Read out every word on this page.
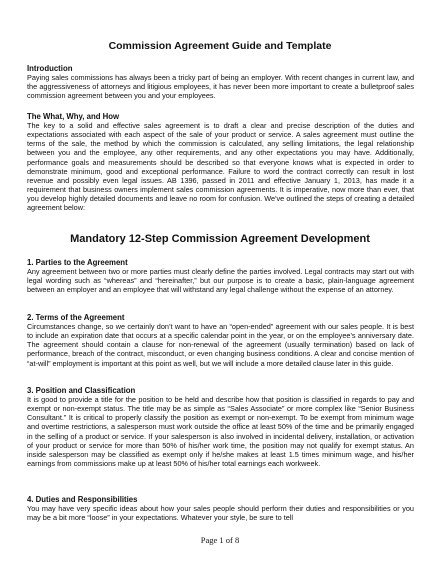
Commission Agreement Guide and Template
Introduction
Paying sales commissions has always been a tricky part of being an employer. With recent changes in current law, and the aggressiveness of attorneys and litigious employees, it has never been more important to create a bulletproof sales commission agreement between you and your employees.
The What, Why, and How
The key to a solid and effective sales agreement is to draft a clear and precise description of the duties and expectations associated with each aspect of the sale of your product or service. A sales agreement must outline the terms of the sale, the method by which the commission is calculated, any selling limitations, the legal relationship between you and the employee, any other requirements, and any other expectations you may have. Additionally, performance goals and measurements should be described so that everyone knows what is expected in order to demonstrate minimum, good and exceptional performance. Failure to word the contract correctly can result in lost revenue and possibly even legal issues. AB 1396, passed in 2011 and effective January 1, 2013, has made it a requirement that business owners implement sales commission agreements. It is imperative, now more than ever, that you develop highly detailed documents and leave no room for confusion. We've outlined the steps of creating a detailed agreement below:
Mandatory 12-Step Commission Agreement Development
1. Parties to the Agreement
Any agreement between two or more parties must clearly define the parties involved. Legal contracts may start out with legal wording such as “whereas” and “hereinafter,” but our purpose is to create a basic, plain-language agreement between an employer and an employee that will withstand any legal challenge without the expense of an attorney.
2. Terms of the Agreement
Circumstances change, so we certainly don’t want to have an “open-ended” agreement with our sales people. It is best to include an expiration date that occurs at a specific calendar point in the year, or on the employee’s anniversary date. The agreement should contain a clause for non-renewal of the agreement (usually termination) based on lack of performance, breach of the contract, misconduct, or even changing business conditions. A clear and concise mention of “at-will” employment is important at this point as well, but we will include a more detailed clause later in this guide.
3. Position and Classification
It is good to provide a title for the position to be held and describe how that position is classified in regards to pay and exempt or non-exempt status. The title may be as simple as “Sales Associate” or more complex like “Senior Business Consultant.” It is critical to properly classify the position as exempt or non-exempt. To be exempt from minimum wage and overtime restrictions, a salesperson must work outside the office at least 50% of the time and be primarily engaged in the selling of a product or service. If your salesperson is also involved in incidental delivery, installation, or activation of your product or service for more than 50% of his/her work time, the position may not qualify for exempt status. An inside salesperson may be classified as exempt only if he/she makes at least 1.5 times minimum wage, and his/her earnings from commissions make up at least 50% of his/her total earnings each workweek.
4. Duties and Responsibilities
You may have very specific ideas about how your sales people should perform their duties and responsibilities or you may be a bit more “loose” in your expectations. Whatever your style, be sure to tell
Page 1 of 8
